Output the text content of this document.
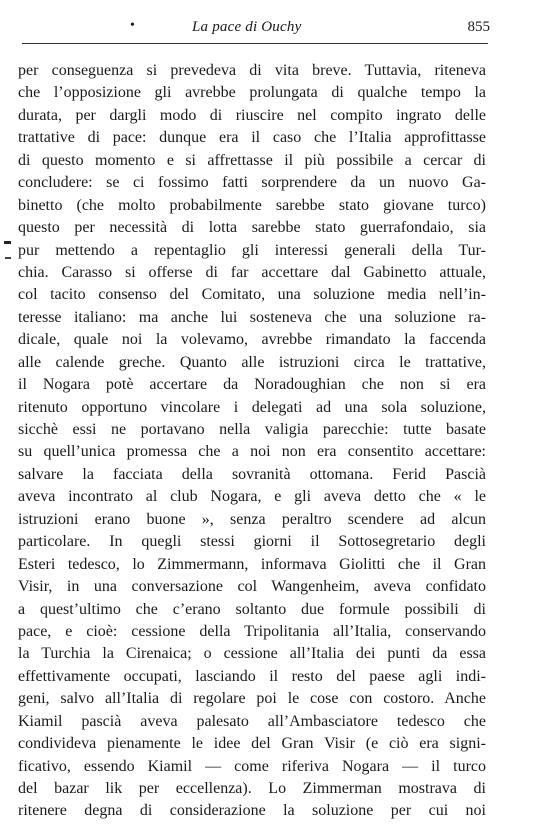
•	La pace di Ouchy	855
per conseguenza si prevedeva di vita breve. Tuttavia, riteneva
che l’opposizione gli avrebbe prolungata di qualche tempo la
durata, per dargli modo di riuscire nel compito ingrato delle
trattative di pace: dunque era il caso che l’Italia approfittasse
di questo momento e si affrettasse il più possibile a cercar di
concludere: se ci fossimo fatti sorprendere da un nuovo Ga-
binetto (che molto probabilmente sarebbe stato giovane turco)
questo per necessità di lotta sarebbe stato guerrafondaio, sia
pur mettendo a repentaglio gli interessi generali della Tur-
chia. Carasso si offerse di far accettare dal Gabinetto attuale,
col tacito consenso del Comitato, una soluzione media nell’in-
teresse italiano: ma anche lui sosteneva che una soluzione ra-
dicale, quale noi la volevamo, avrebbe rimandato la faccenda
alle calende greche. Quanto alle istruzioni circa le trattative,
il Nogara potè accertare da Noradoughian che non si era
ritenuto opportuno vincolare i delegati ad una sola soluzione,
sicchè essi ne portavano nella valigia parecchie: tutte basate
su quell’unica promessa che a noi non era consentito accettare:
salvare la facciata della sovranità ottomana. Ferid Pascià
aveva incontrato al club Nogara, e gli aveva detto che « le
istruzioni erano buone », senza peraltro scendere ad alcun
particolare. In quegli stessi giorni il Sottosegretario degli
Esteri tedesco, lo Zimmermann, informava Giolitti che il Gran
Visir, in una conversazione col Wangenheim, aveva confidato
a quest’ultimo che c’erano soltanto due formule possibili di
pace, e cioè: cessione della Tripolitania all’Italia, conservando
la Turchia la Cirenaica; o cessione all’Italia dei punti da essa
effettivamente occupati, lasciando il resto del paese agli indi-
geni, salvo all’Italia di regolare poi le cose con costoro. Anche
Kiamil pascià aveva palesato all’Ambasciatore tedesco che
condivideva pienamente le idee del Gran Visir (e ciò era signi-
ficativo, essendo Kiamil — come riferiva Nogara — il turco
del bazar lik per eccellenza). Lo Zimmerman mostrava di
ritenere degna di considerazione la soluzione per cui noi
